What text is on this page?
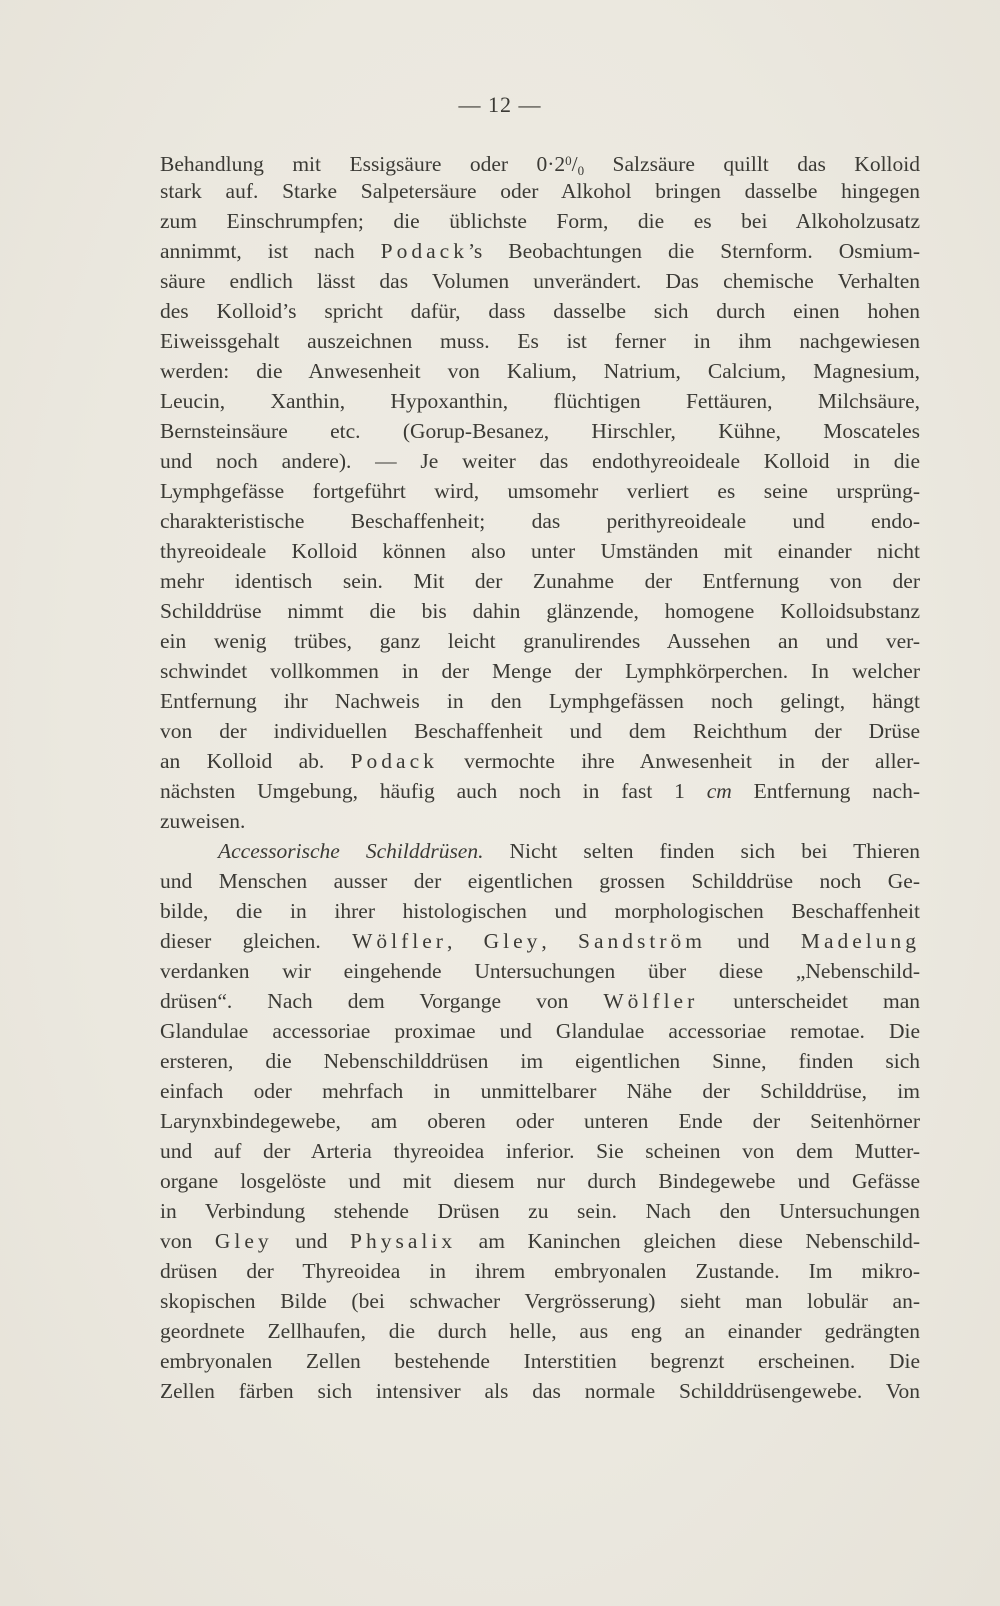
— 12 —
Behandlung mit Essigsäure oder $0\cdot 2^0/_0$ Salzsäure quillt das Kolloid
stark auf. Starke Salpetersäure oder Alkohol bringen dasselbe hingegen
zum Einschrumpfen; die üblichste Form, die es bei Alkoholzusatz
annimmt, ist nach Podack’s Beobachtungen die Sternform. Osmium-
säure endlich lässt das Volumen unverändert. Das chemische Verhalten
des Kolloid’s spricht dafür, dass dasselbe sich durch einen hohen
Eiweissgehalt auszeichnen muss. Es ist ferner in ihm nachgewiesen
werden: die Anwesenheit von Kalium, Natrium, Calcium, Magnesium,
Leucin, Xanthin, Hypoxanthin, flüchtigen Fettäuren, Milchsäure,
Bernsteinsäure etc. (Gorup-Besanez, Hirschler, Kühne, Moscateles
und noch andere). — Je weiter das endothyreoideale Kolloid in die
Lymphgefässe fortgeführt wird, umsomehr verliert es seine ursprüng-
charakteristische Beschaffenheit; das perithyreoideale und endo-
thyreoideale Kolloid können also unter Umständen mit einander nicht
mehr identisch sein. Mit der Zunahme der Entfernung von der
Schilddrüse nimmt die bis dahin glänzende, homogene Kolloidsubstanz
ein wenig trübes, ganz leicht granulirendes Aussehen an und ver-
schwindet vollkommen in der Menge der Lymphkörperchen. In welcher
Entfernung ihr Nachweis in den Lymphgefässen noch gelingt, hängt
von der individuellen Beschaffenheit und dem Reichthum der Drüse
an Kolloid ab. Podack vermochte ihre Anwesenheit in der aller-
nächsten Umgebung, häufig auch noch in fast 1 cm Entfernung nach-
zuweisen.
Accessorische Schilddrüsen. Nicht selten finden sich bei Thieren
und Menschen ausser der eigentlichen grossen Schilddrüse noch Ge-
bilde, die in ihrer histologischen und morphologischen Beschaffenheit
dieser gleichen. Wölfler, Gley, Sandström und Madelung
verdanken wir eingehende Untersuchungen über diese „Nebenschild-
drüsen“. Nach dem Vorgange von Wölfler unterscheidet man
Glandulae accessoriae proximae und Glandulae accessoriae remotae. Die
ersteren, die Nebenschilddrüsen im eigentlichen Sinne, finden sich
einfach oder mehrfach in unmittelbarer Nähe der Schilddrüse, im
Larynxbindegewebe, am oberen oder unteren Ende der Seitenhörner
und auf der Arteria thyreoidea inferior. Sie scheinen von dem Mutter-
organe losgelöste und mit diesem nur durch Bindegewebe und Gefässe
in Verbindung stehende Drüsen zu sein. Nach den Untersuchungen
von Gley und Physalix am Kaninchen gleichen diese Nebenschild-
drüsen der Thyreoidea in ihrem embryonalen Zustande. Im mikro-
skopischen Bilde (bei schwacher Vergrösserung) sieht man lobulär an-
geordnete Zellhaufen, die durch helle, aus eng an einander gedrängten
embryonalen Zellen bestehende Interstitien begrenzt erscheinen. Die
Zellen färben sich intensiver als das normale Schilddrüsengewebe. Von
